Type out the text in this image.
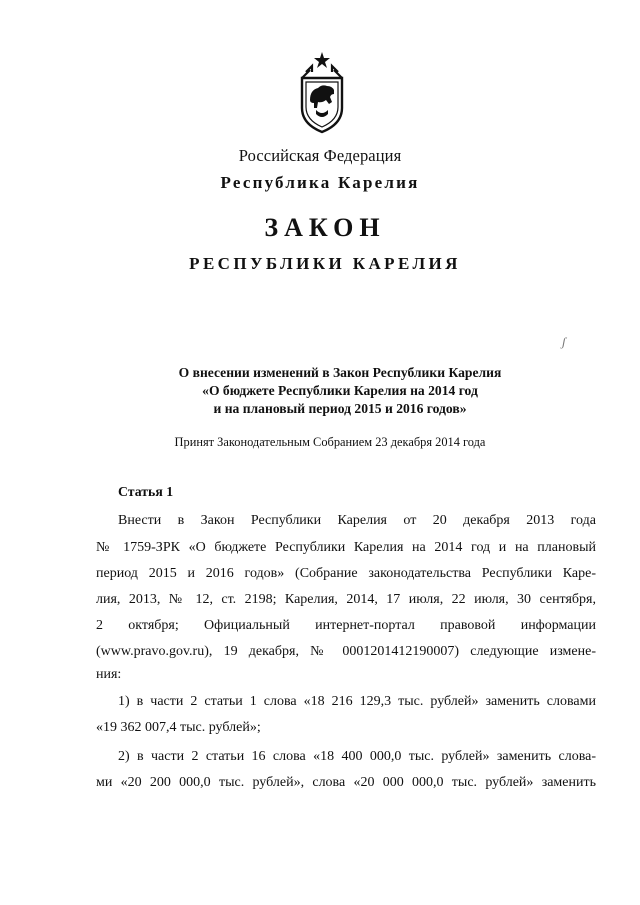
Российская Федерация
Республика Карелия
ЗАКОН
РЕСПУБЛИКИ КАРЕЛИЯ
ʃ
О внесении изменений в Закон Республики Карелия
«О бюджете Республики Карелия на 2014 год
и на плановый период 2015 и 2016 годов»
Принят Законодательным Собранием 23 декабря 2014 года
Статья 1
Внести в Закон Республики Карелия от 20 декабря 2013 года
№ 1759-ЗРК «О бюджете Республики Карелия на 2014 год и на плановый
период 2015 и 2016 годов» (Собрание законодательства Республики Каре-
лия, 2013, № 12, ст. 2198; Карелия, 2014, 17 июля, 22 июля, 30 сентября,
2 октября; Официальный интернет-портал правовой информации
(www.pravo.gov.ru), 19 декабря, № 0001201412190007) следующие измене-
ния:
1) в части 2 статьи 1 слова «18 216 129,3 тыс. рублей» заменить словами
«19 362 007,4 тыс. рублей»;
2) в части 2 статьи 16 слова «18 400 000,0 тыс. рублей» заменить слова-
ми «20 200 000,0 тыс. рублей», слова «20 000 000,0 тыс. рублей» заменить
